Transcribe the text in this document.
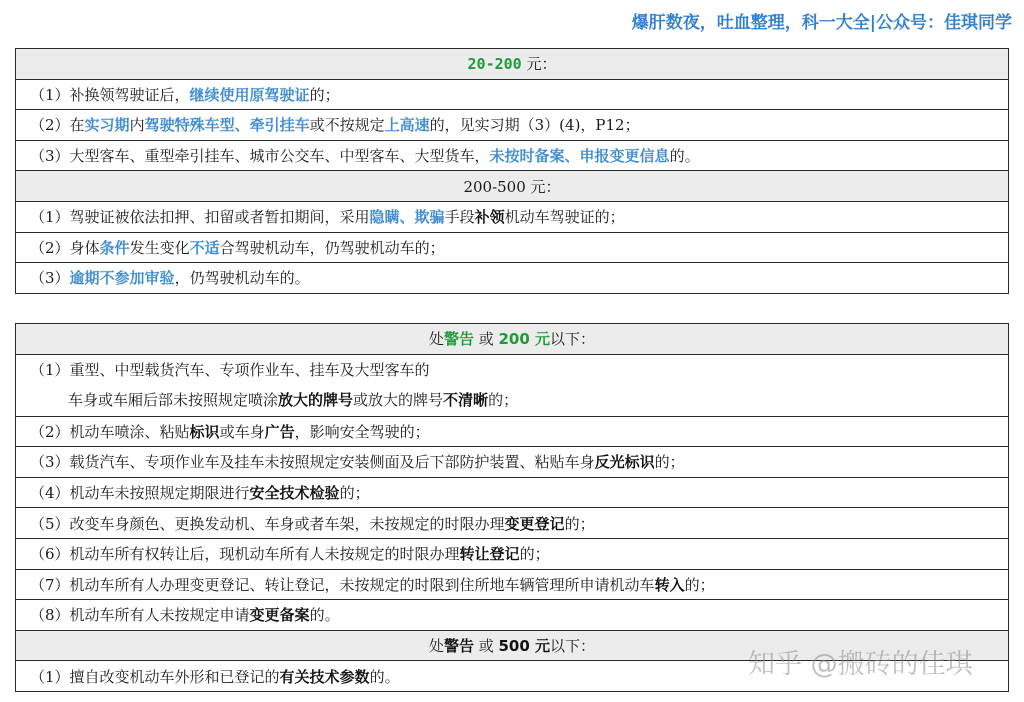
爆肝数夜，吐血整理，科一大全|公众号：佳琪同学
20-200 元：
（1）补换领驾驶证后，继续使用原驾驶证的；
（2）在实习期内驾驶特殊车型、牵引挂车或不按规定上高速的，见实习期（3）(4)，P12；
（3）大型客车、重型牵引挂车、城市公交车、中型客车、大型货车，未按时备案、申报变更信息的。
200-500 元：
（1）驾驶证被依法扣押、扣留或者暂扣期间，采用隐瞒、欺骗手段补领机动车驾驶证的；
（2）身体条件发生变化不适合驾驶机动车，仍驾驶机动车的；
（3）逾期不参加审验，仍驾驶机动车的。
处警告 或 200 元以下：
（1）重型、中型载货汽车、专项作业车、挂车及大型客车的
车身或车厢后部未按照规定喷涂放大的牌号或放大的牌号不清晰的；
（2）机动车喷涂、粘贴标识或车身广告，影响安全驾驶的；
（3）载货汽车、专项作业车及挂车未按照规定安装侧面及后下部防护装置、粘贴车身反光标识的；
（4）机动车未按照规定期限进行安全技术检验的；
（5）改变车身颜色、更换发动机、车身或者车架，未按规定的时限办理变更登记的；
（6）机动车所有权转让后，现机动车所有人未按规定的时限办理转让登记的；
（7）机动车所有人办理变更登记、转让登记，未按规定的时限到住所地车辆管理所申请机动车转入的；
（8）机动车所有人未按规定申请变更备案的。
处警告 或 500 元以下：
（1）擅自改变机动车外形和已登记的有关技术参数的。	知乎 @搬砖的佳琪
